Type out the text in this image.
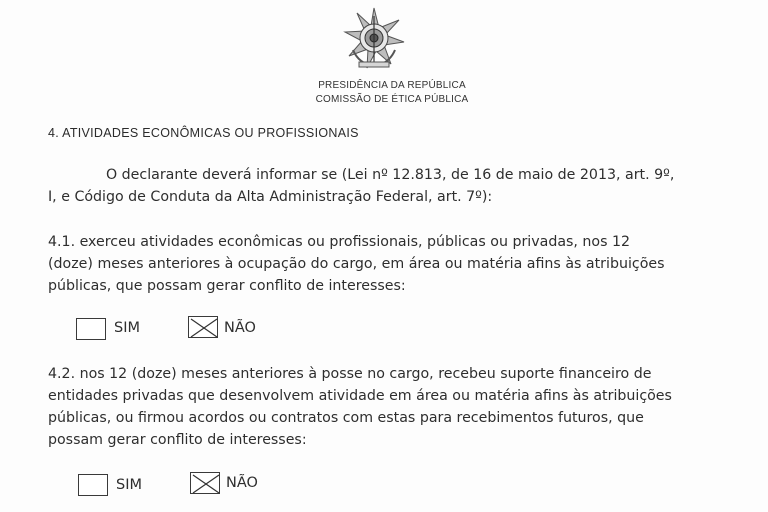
PRESIDÊNCIA DA REPÚBLICA
COMISSÃO DE ÉTICA PÚBLICA
4. ATIVIDADES ECONÔMICAS OU PROFISSIONAIS

O declarante deverá informar se (Lei nº 12.813, de 16 de maio de 2013, art. 9º,
I, e Código de Conduta da Alta Administração Federal, art. 7º):

4.1. exerceu atividades econômicas ou profissionais, públicas ou privadas, nos 12
(doze) meses anteriores à ocupação do cargo, em área ou matéria afins às atribuições
públicas, que possam gerar conflito de interesses:

SIM	NÃO

4.2. nos 12 (doze) meses anteriores à posse no cargo, recebeu suporte financeiro de
entidades privadas que desenvolvem atividade em área ou matéria afins às atribuições
públicas, ou firmou acordos ou contratos com estas para recebimentos futuros, que
possam gerar conflito de interesses:

SIM	NÃO
